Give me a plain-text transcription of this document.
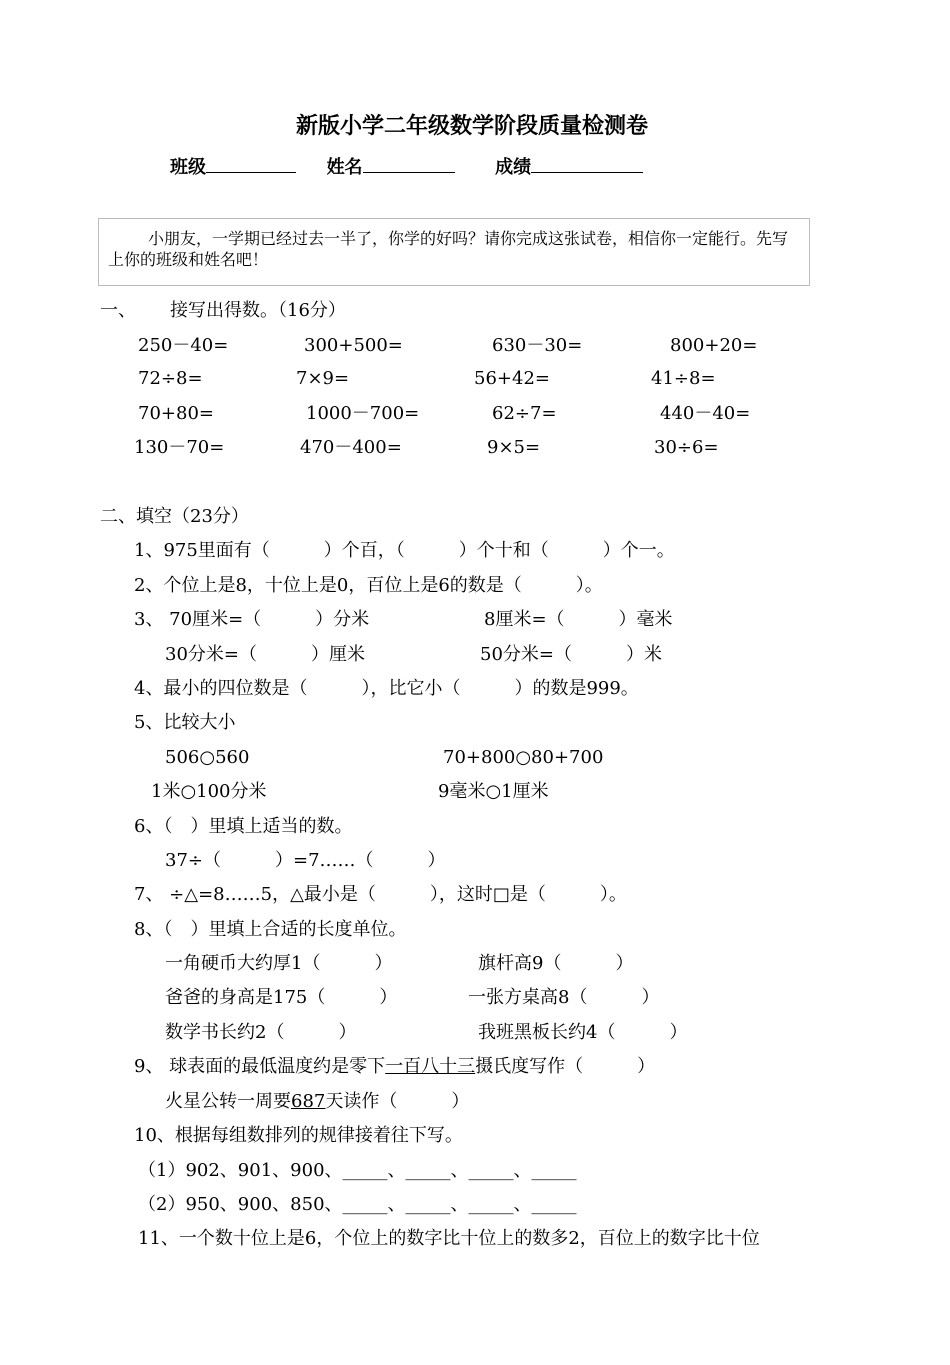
新版小学二年级数学阶段质量检测卷
班级	姓名	成绩
小朋友，一学期已经过去一半了，你学的好吗？请你完成这张试卷，相信你一定能行。先写上你的班级和姓名吧！
一、 接写出得数。（16分）
250－40=	300+500=	630－30=	800+20=
72÷8=	7×9=	56+42=	41÷8=
70+80=	1000－700=	62÷7=	440－40=
130－70=	470－400=	9×5=	30÷6=
二、填空（23分）
1、975里面有（　　　）个百，（　　　）个十和（　　　）个一。
2、个位上是8，十位上是0，百位上是6的数是（　　　）。
3、 70厘米=（　　　）分米	8厘米=（　　　）毫米
30分米=（　　　）厘米	50分米=（　　　）米
4、最小的四位数是（　　　），比它小（　　　）的数是999。
5、比较大小
506○560	70+800○80+700
1米○100分米	9毫米○1厘米
6、（　）里填上适当的数。
37÷（　　　）=7……（　　　）
7、 ÷△=8……5，△最小是（　　　），这时□是（　　　）。
8、（　）里填上合适的长度单位。
一角硬币大约厚1（　　　）	旗杆高9（　　　）
爸爸的身高是175（　　　）	一张方桌高8（　　　）
数学书长约2（　　　）	我班黑板长约4（　　　）
9、 球表面的最低温度约是零下一百八十三摄氏度写作（　　　）
火星公转一周要687天读作（　　　）
10、根据每组数排列的规律接着往下写。
（1）902、901、900、_____、_____、_____、_____
（2）950、900、850、_____、_____、_____、_____
11、一个数十位上是6，个位上的数字比十位上的数多2，百位上的数字比十位
